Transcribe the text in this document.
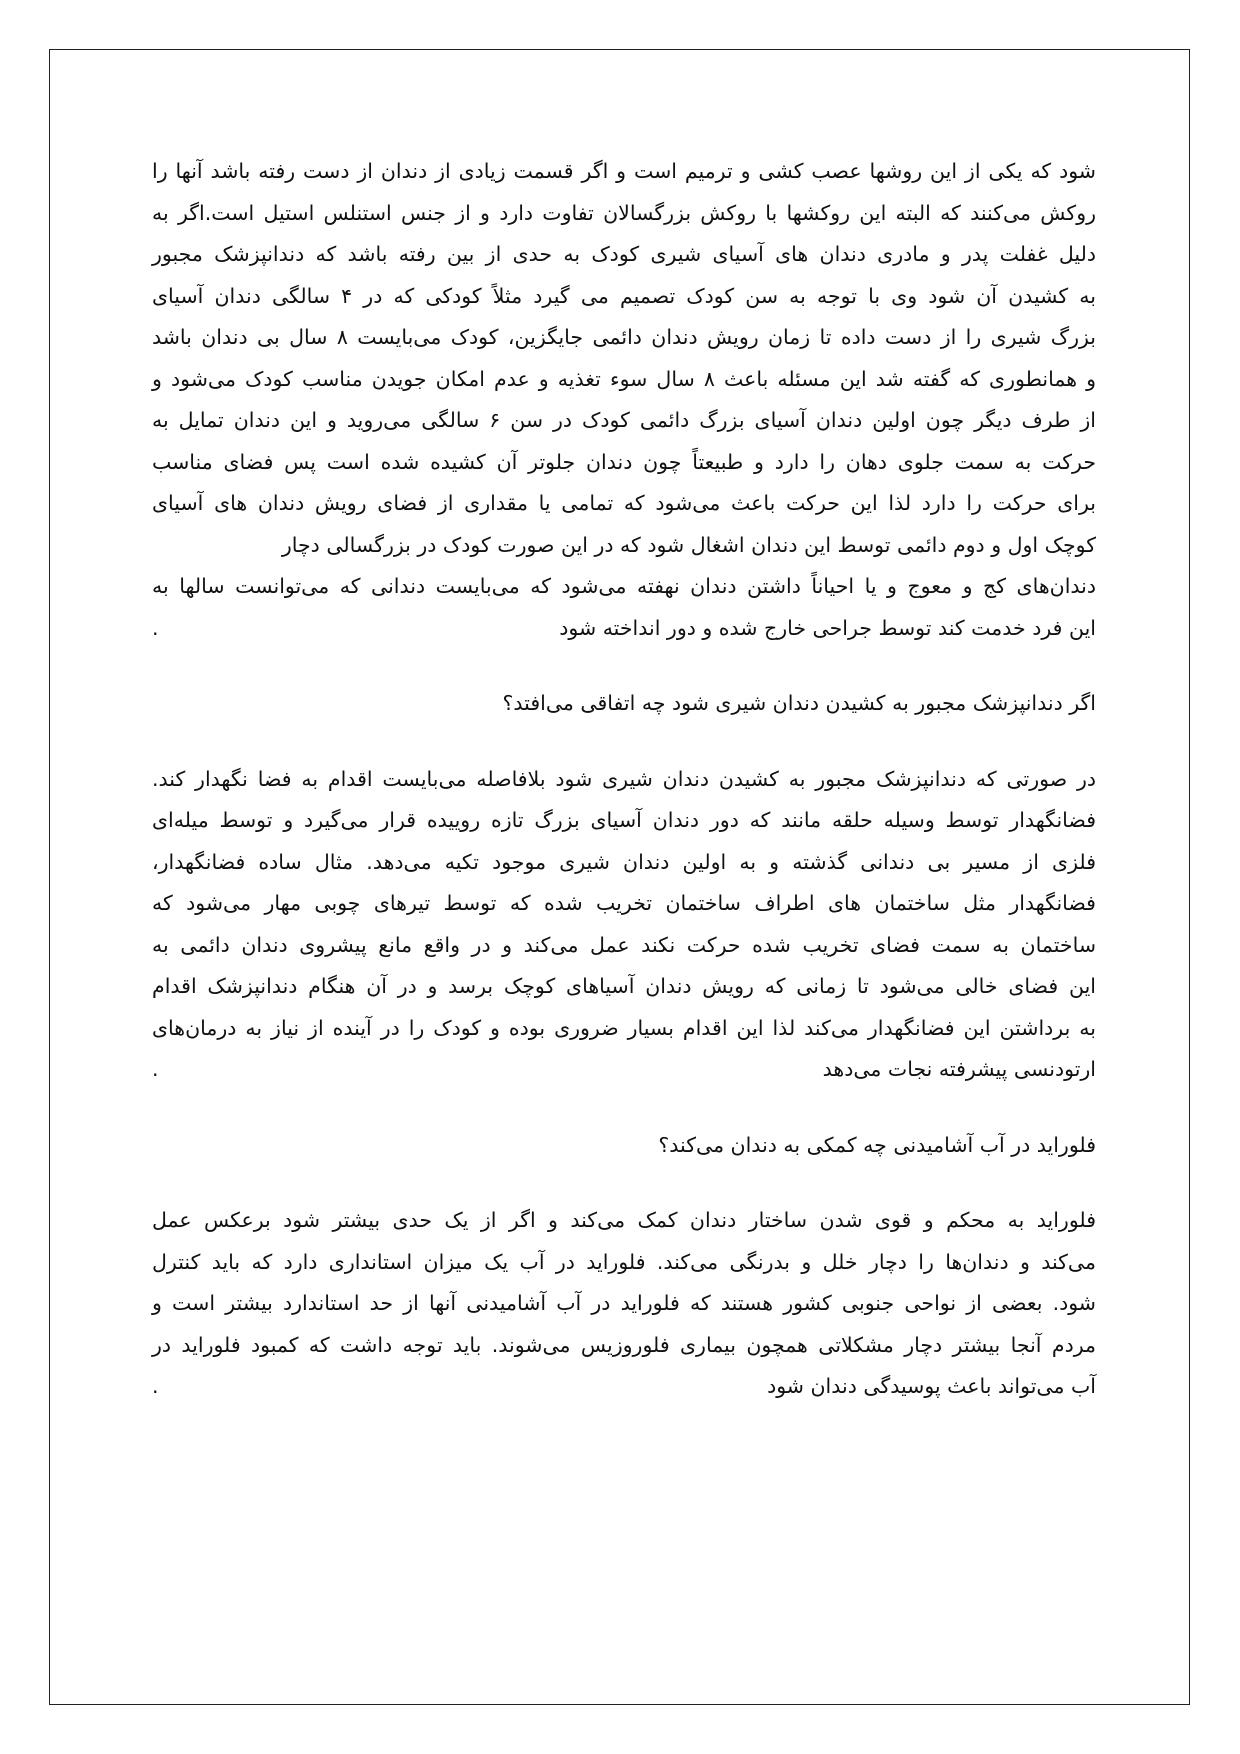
شود که یکی از این روشها عصب کشی و ترمیم است و اگر قسمت زیادی از دندان از دست رفته باشد آنها را
روکش می‌کنند که البته این روکشها با روکش بزرگسالان تفاوت دارد و از جنس استنلس استیل است.اگر به
دلیل غفلت پدر و مادری دندان های آسیای شیری کودک به حدی از بین رفته باشد که دندانپزشک مجبور
به کشیدن آن شود وی با توجه به سن کودک تصمیم می گیرد مثلاً کودکی که در ۴ سالگی دندان آسیای
بزرگ شیری را از دست داده تا زمان رویش دندان دائمی جایگزین، کودک می‌بایست ۸ سال بی دندان باشد
و همانطوری که گفته شد این مسئله باعث ۸ سال سوء تغذیه و عدم امکان جویدن مناسب کودک می‌شود و
از طرف دیگر چون اولین دندان آسیای بزرگ دائمی کودک در سن ۶ سالگی می‌روید و این دندان تمایل به
حرکت به سمت جلوی دهان را دارد و طبیعتاً چون دندان جلوتر آن کشیده شده است پس فضای مناسب
برای حرکت را دارد لذا این حرکت باعث می‌شود که تمامی یا مقداری از فضای رویش دندان های آسیای
کوچک اول و دوم دائمی توسط این دندان اشغال شود که در این صورت کودک در بزرگسالی دچار
دندان‌های کج و معوج و یا احیاناً داشتن دندان نهفته می‌شود که می‌بایست دندانی که می‌توانست سالها به
این فرد خدمت کند توسط جراحی خارج شده و دور انداخته شود
.
اگر دندانپزشک مجبور به کشیدن دندان شیری شود چه اتفاقی می‌افتد؟
در صورتی که دندانپزشک مجبور به کشیدن دندان شیری شود بلافاصله می‌بایست اقدام به فضا نگهدار کند.
فضانگهدار توسط وسیله حلقه مانند که دور دندان آسیای بزرگ تازه روییده قرار می‌گیرد و توسط میله‌ای
فلزی از مسیر بی دندانی گذشته و به اولین دندان شیری موجود تکیه می‌دهد. مثال ساده فضانگهدار،
فضانگهدار مثل ساختمان های اطراف ساختمان تخریب شده که توسط تیرهای چوبی مهار می‌شود که
ساختمان به سمت فضای تخریب شده حرکت نکند عمل می‌کند و در واقع مانع پیشروی دندان دائمی به
این فضای خالی می‌شود تا زمانی که رویش دندان آسیاهای کوچک برسد و در آن هنگام دندانپزشک اقدام
به برداشتن این فضانگهدار می‌کند لذا این اقدام بسیار ضروری بوده و کودک را در آینده از نیاز به درمان‌های
ارتودنسی پیشرفته نجات می‌دهد
.
فلوراید در آب آشامیدنی چه کمکی به دندان می‌کند؟
فلوراید به محکم و قوی شدن ساختار دندان کمک می‌کند و اگر از یک حدی بیشتر شود برعکس عمل
می‌کند و دندان‌ها را دچار خلل و بدرنگی می‌کند. فلوراید در آب یک میزان استانداری دارد که باید کنترل
شود. بعضی از نواحی جنوبی کشور هستند که فلوراید در آب آشامیدنی آنها از حد استاندارد بیشتر است و
مردم آنجا بیشتر دچار مشکلاتی همچون بیماری فلوروزیس می‌شوند. باید توجه داشت که کمبود فلوراید در
آب می‌تواند باعث پوسیدگی دندان شود
.
